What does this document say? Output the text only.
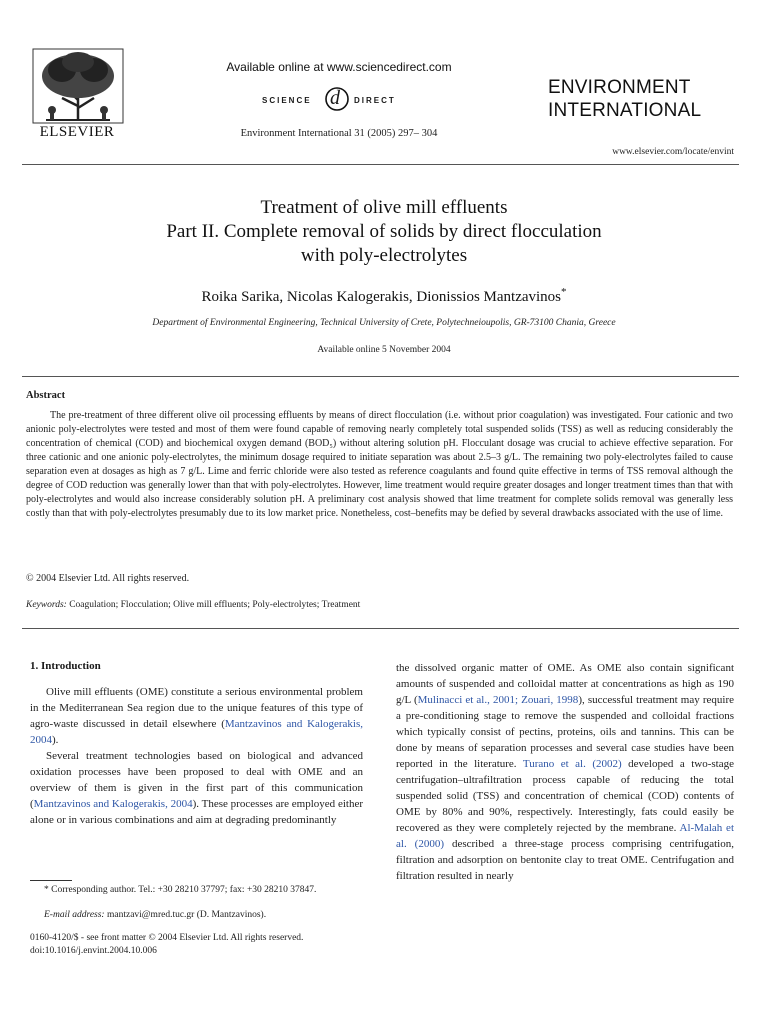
ELSEVIER
Available online at www.sciencedirect.com
SCIENCE d DIRECT
Environment International 31 (2005) 297– 304
ENVIRONMENT
INTERNATIONAL
www.elsevier.com/locate/envint
Treatment of olive mill effluents
Part II. Complete removal of solids by direct flocculation
with poly-electrolytes
Roika Sarika, Nicolas Kalogerakis, Dionissios Mantzavinos*
Department of Environmental Engineering, Technical University of Crete, Polytechneioupolis, GR-73100 Chania, Greece
Available online 5 November 2004
Abstract
The pre-treatment of three different olive oil processing effluents by means of direct flocculation (i.e. without prior coagulation) was investigated. Four cationic and two anionic poly-electrolytes were tested and most of them were found capable of removing nearly completely total suspended solids (TSS) as well as reducing considerably the concentration of chemical (COD) and biochemical oxygen demand (BOD₅) without altering solution pH. Flocculant dosage was crucial to achieve effective separation. For three cationic and one anionic poly-electrolytes, the minimum dosage required to initiate separation was about 2.5–3 g/L. The remaining two poly-electrolytes failed to cause separation even at dosages as high as 7 g/L. Lime and ferric chloride were also tested as reference coagulants and found quite effective in terms of TSS removal although the degree of COD reduction was generally lower than that with poly-electrolytes. However, lime treatment would require greater dosages and longer treatment times than that with poly-electrolytes and would also increase considerably solution pH. A preliminary cost analysis showed that lime treatment for complete solids removal was generally less costly than that with poly-electrolytes presumably due to its low market price. Nonetheless, cost–benefits may be defied by several drawbacks associated with the use of lime.
© 2004 Elsevier Ltd. All rights reserved.
Keywords: Coagulation; Flocculation; Olive mill effluents; Poly-electrolytes; Treatment
1. Introduction

Olive mill effluents (OME) constitute a serious environmental problem in the Mediterranean Sea region due to the unique features of this type of agro-waste discussed in detail elsewhere (Mantzavinos and Kalogerakis, 2004).

Several treatment technologies based on biological and advanced oxidation processes have been proposed to deal with OME and an overview of them is given in the first part of this communication (Mantzavinos and Kalogerakis, 2004). These processes are employed either alone or in various combinations and aim at degrading predominantly

* Corresponding author. Tel.: +30 28210 37797; fax: +30 28210 37847.
E-mail address: mantzavi@mred.tuc.gr (D. Mantzavinos).
0160-4120/$ - see front matter © 2004 Elsevier Ltd. All rights reserved.
doi:10.1016/j.envint.2004.10.006

the dissolved organic matter of OME. As OME also contain significant amounts of suspended and colloidal matter at concentrations as high as 190 g/L (Mulinacci et al., 2001; Zouari, 1998), successful treatment may require a pre-conditioning stage to remove the suspended and colloidal fractions which typically consist of pectins, proteins, oils and tannins. This can be done by means of separation processes and several case studies have been reported in the literature. Turano et al. (2002) developed a two-stage centrifugation–ultrafiltration process capable of reducing the total suspended solid (TSS) and concentration of chemical (COD) contents of OME by 80% and 90%, respectively. Interestingly, fats could easily be recovered as they were completely rejected by the membrane. Al-Malah et al. (2000) described a three-stage process comprising centrifugation, filtration and adsorption on bentonite clay to treat OME. Centrifugation and filtration resulted in nearly
